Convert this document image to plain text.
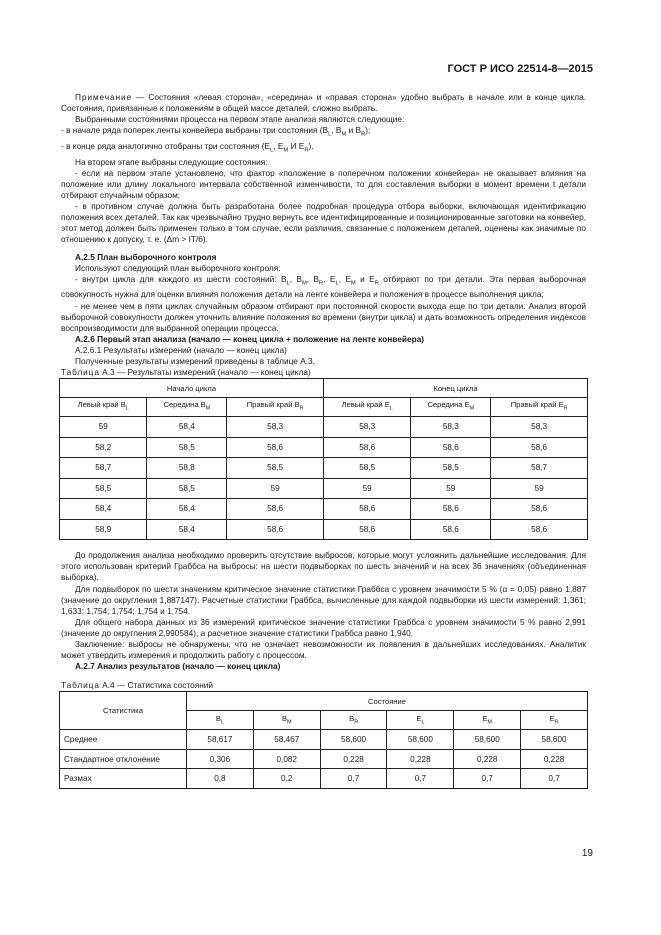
ГОСТ Р ИСО 22514-8—2015

Примечание — Состояния «левая сторона», «середина» и «правая сторона» удобно выбрать в начале или в конце цикла. Состояния, привязанные к положениям в общей массе деталей, сложно выбрать.

Выбранными состояниями процесса на первом этапе анализа являются следующие:

- в начале ряда поперек ленты конвейера выбраны три состояния ($B_L$, $B_M$ и $B_R$);

- в конце ряда аналогично отобраны три состояния ($E_L$, $E_M$ И $E_R$).

На втором этапе выбраны следующие состояния:

- если на первом этапе установлено, что фактор «положение в поперечном положении конвейера» не оказывает влияния на положение или длину локального интервала собственной изменчивости, то для составления выборки в момент времени t детали отбирают случайным образом;

- в противном случае должна быть разработана более подробная процедура отбора выборки, включающая идентификацию положения всех деталей. Так как чрезвычайно трудно вернуть все идентифицированные и позиционированные заготовки на конвейер, этот метод должен быть применен только в том случае, если различия, связанные с положением деталей, оценены как значимые по отношению к допуску, т. е. (Δm > IT/6).

A.2.5 План выборочного контроля

Используют следующий план выборочного контроля:

- внутри цикла для каждого из шести состояний: $B_L$, $B_M$, $B_R$, $E_L$, $E_M$ и $E_R$ отбирают по три детали. Эта первая выборочная совокупность нужна для оценки влияния положения детали на ленте конвейера и положения в процессе выполнения цикла;

- не менее чем в пяти циклах случайным образом отбирают при постоянной скорости выхода еще по три детали. Анализ второй выборочной совокупности должен уточнить влияние положения во времени (внутри цикла) и дать возможность определения индексов воспроизводимости для выбранной операции процесса.

A.2.6 Первый этап анализа (начало — конец цикла + положение на ленте конвейера)

A.2.6.1 Результаты измерений (начало — конец цикла)

Полученные результаты измерений приведены в таблице A.3.

Таблица A.3 — Результаты измерений (начало — конец цикла)

Начало цикла			Конец цикла		
Левый край $B_L$	Середина $B_M$	Правый край $B_R$	Левый край $E_L$	Середина $E_M$	Правый край $E_R$
59	58,4	58,3	58,3	58,3	58,3
58,2	58,5	58,6	58,6	58,6	58,6
58,7	58,8	58,5	58,5	58,5	58,7
58,5	58,5	59	59	59	59
58,4	58,4	58,6	58,6	58,6	58,6
58,9	58,4	58,6	58,6	58,6	58,6

До продолжения анализа необходимо проверить отсутствие выбросов, которые могут усложнить дальнейшие исследования. Для этого использован критерий Граббса на выбросы: на шести подвыборках по шесть значений и на всех 36 значениях (объединенная выборка).

Для подвыборок по шести значениям критическое значение статистики Граббса с уровнем значимости 5 % (α = 0,05) равно 1,887 (значение до округления 1,887147). Расчетные статистики Граббса, вычисленные для каждой подвыборки из шести измерений: 1,361; 1,633; 1,754; 1,754; 1,754 и 1,754.

Для общего набора данных из 36 измерений критическое значение статистики Граббса с уровнем значимости 5 % равно 2,991 (значение до округления 2,990584), а расчетное значение статистики Граббса равно 1,940.

Заключение: выбросы не обнаружены, что не означает невозможности их появления в дальнейших исследованиях. Аналитик может утвердить измерения и продолжить работу с процессом.

A.2.7 Анализ результатов (начало — конец цикла)

Таблица A.4 — Статистика состояний

Статистика	Состояние					
	$B_L$	$B_M$	$B_R$	$E_L$	$E_M$	$E_R$
Среднее	58,617	58,467	58,600	58,600	58,600	58,600
Стандартное отклонение	0,306	0,082	0,228	0,228	0,228	0,228
Размах	0,8	0,2	0,7	0,7	0,7	0,7
19
